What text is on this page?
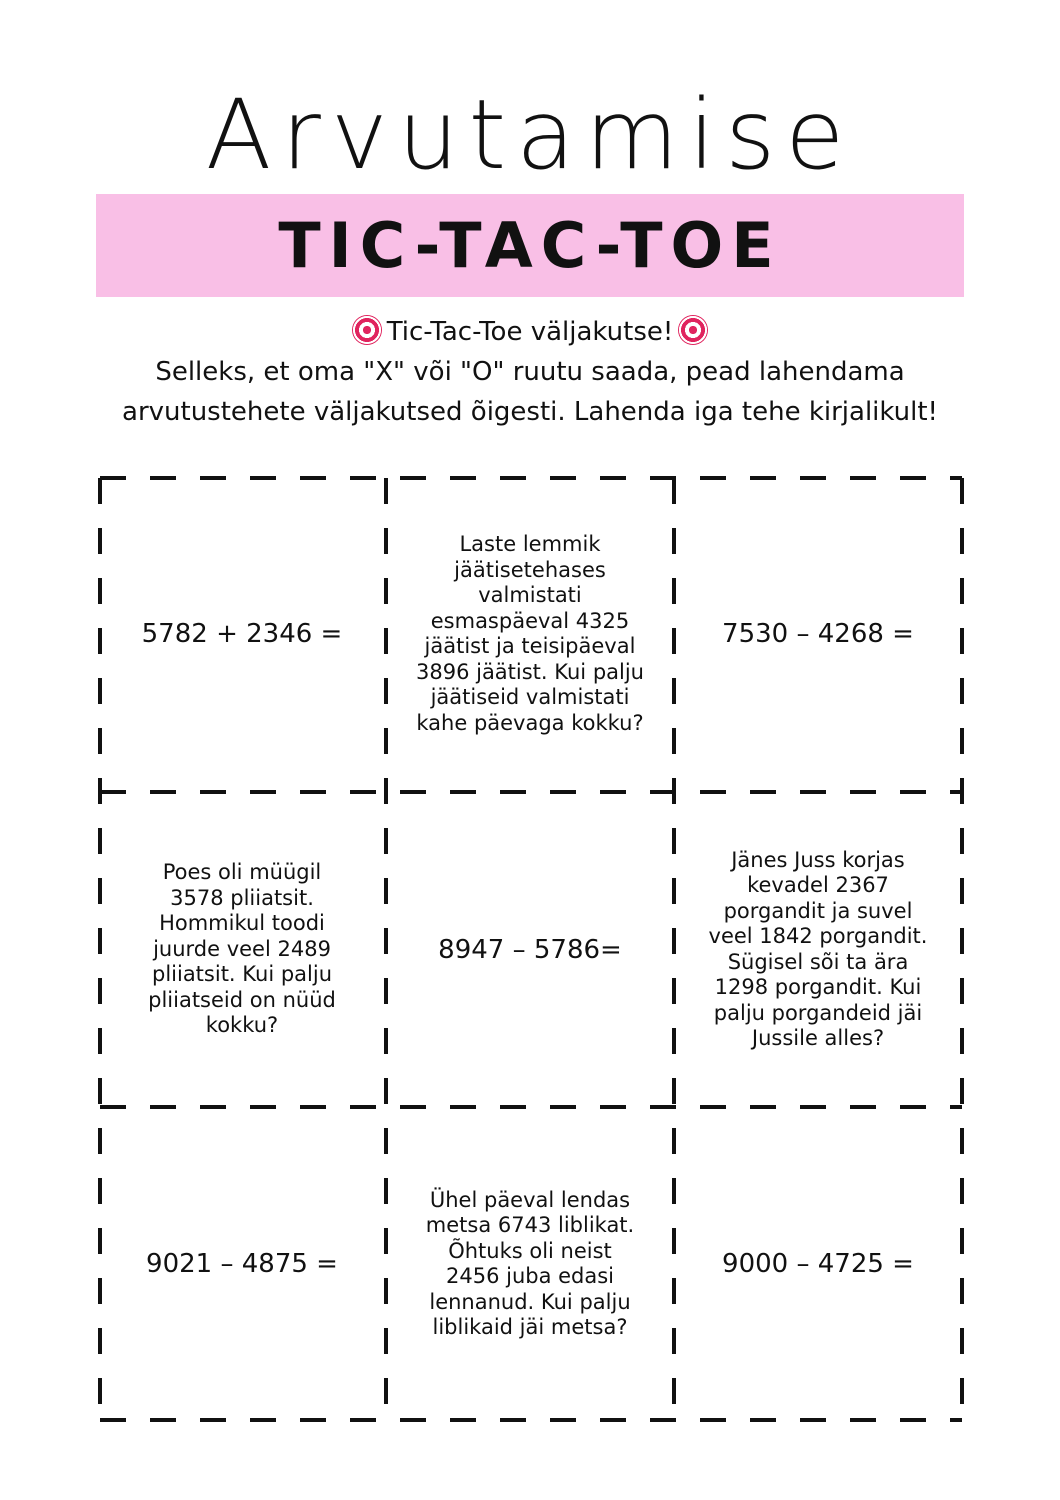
Arvutamise
TIC-TAC-TOE
Tic-Tac-Toe väljakutse!
Selleks, et oma "X" või "O" ruutu saada, pead lahendama arvutustehete väljakutsed õigesti. Lahenda iga tehe kirjalikult!
5782 + 2346 =
Laste lemmik jäätisetehases valmistati esmaspäeval 4325 jäätist ja teisipäeval 3896 jäätist. Kui palju jäätiseid valmistati kahe päevaga kokku?
7530 – 4268 =
Poes oli müügil 3578 pliiatsit. Hommikul toodi juurde veel 2489 pliiatsit. Kui palju pliiatseid on nüüd kokku?
8947 – 5786=
Jänes Juss korjas kevadel 2367 porgandit ja suvel veel 1842 porgandit. Sügisel sõi ta ära 1298 porgandit. Kui palju porgandeid jäi Jussile alles?
9021 – 4875 =
Ühel päeval lendas metsa 6743 liblikat. Õhtuks oli neist 2456 juba edasi lennanud. Kui palju liblikaid jäi metsa?
9000 – 4725 =
